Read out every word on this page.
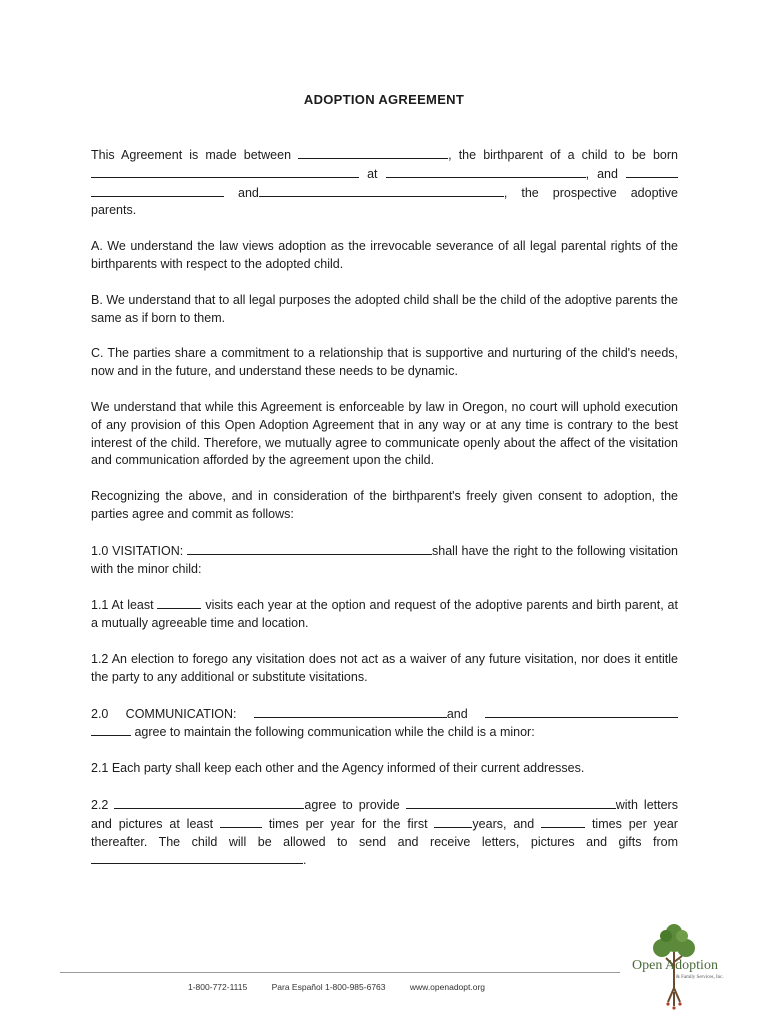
ADOPTION AGREEMENT

This Agreement is made between	, the birthparent of a child to be born  at	, and   and	, the prospective adoptive parents.

A. We understand the law views adoption as the irrevocable severance of all legal parental rights of the birthparents with respect to the adopted child.

B. We understand that to all legal purposes the adopted child shall be the child of the adoptive parents the same as if born to them.

C. The parties share a commitment to a relationship that is supportive and nurturing of the child's needs, now and in the future, and understand these needs to be dynamic.

We understand that while this Agreement is enforceable by law in Oregon, no court will uphold execution of any provision of this Open Adoption Agreement that in any way or at any time is contrary to the best interest of the child. Therefore, we mutually agree to communicate openly about the affect of the visitation and communication afforded by the agreement upon the child.

Recognizing the above, and in consideration of the birthparent's freely given consent to adoption, the parties agree and commit as follows:

1.0 VISITATION:	shall have the right to the following visitation with the minor child:

1.1 At least	visits each year at the option and request of the adoptive parents and birth parent, at a mutually agreeable time and location.

1.2 An election to forego any visitation does not act as a waiver of any future visitation, nor does it entitle the party to any additional or substitute visitations.

2.0 COMMUNICATION:	and   agree to maintain the following communication while the child is a minor:

2.1 Each party shall keep each other and the Agency informed of their current addresses.

2.2	agree to provide	with letters and pictures at least	times per year for the first	years, and	times per year thereafter. The child will be allowed to send and receive letters, pictures and gifts from.

1-800-772-1115	Para Español 1-800-985-6763	www.openadopt.org
Open Adoption
& Family Services, Inc.
